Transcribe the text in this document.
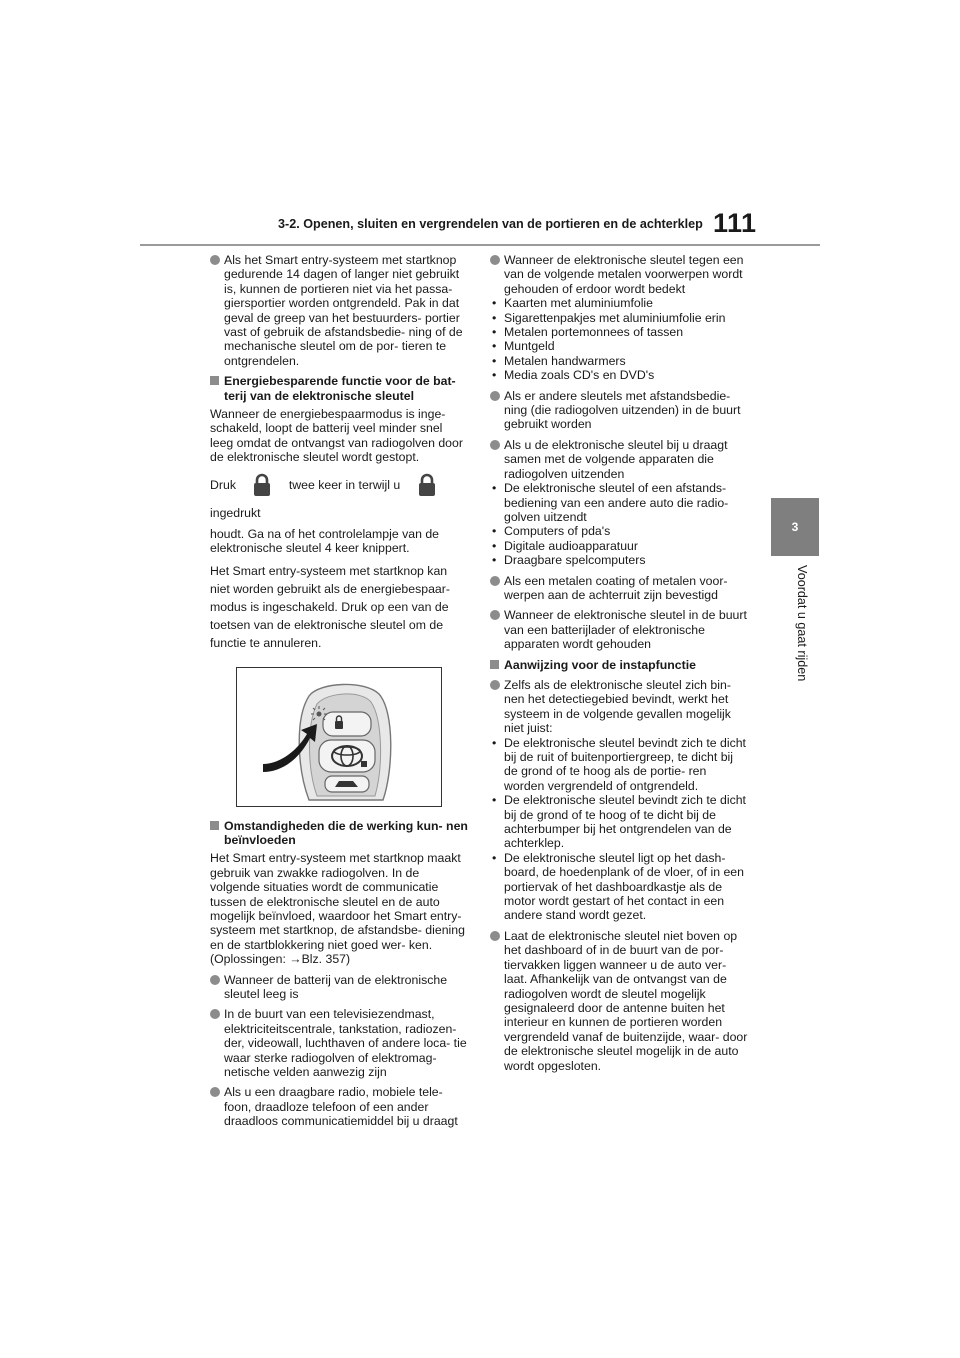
3-2. Openen, sluiten en vergrendelen van de portieren en de achterklep 111
3
Voordat u gaat rijden
Als het Smart entry-systeem met startknop gedurende 14 dagen of langer niet gebruikt is, kunnen de portieren niet via het passa- giersportier worden ontgrendeld. Pak in dat geval de greep van het bestuurders- portier vast of gebruik de afstandsbedie- ning of de mechanische sleutel om de por- tieren te ontgrendelen.
Energiebesparende functie voor de bat- terij van de elektronische sleutel
Wanneer de energiebespaarmodus is inge- schakeld, loopt de batterij veel minder snel leeg omdat de ontvangst van radiogolven door de elektronische sleutel wordt gestopt.
Druk	twee keer in terwijl u  ingedrukt
houdt. Ga na of het controlelampje van de elektronische sleutel 4 keer knippert.
Het Smart entry-systeem met startknop kan niet worden gebruikt als de energiebespaar- modus is ingeschakeld. Druk op een van de toetsen van de elektronische sleutel om de functie te annuleren.
Omstandigheden die de werking kun- nen beïnvloeden
Het Smart entry-systeem met startknop maakt gebruik van zwakke radiogolven. In de volgende situaties wordt de communicatie tussen de elektronische sleutel en de auto mogelijk beïnvloed, waardoor het Smart entry-systeem met startknop, de afstandsbe- diening en de startblokkering niet goed wer- ken. (Oplossingen: →Blz. 357)
Wanneer de batterij van de elektronische sleutel leeg is
In de buurt van een televisiezendmast, elektriciteitscentrale, tankstation, radiozen- der, videowall, luchthaven of andere loca- tie waar sterke radiogolven of elektromag- netische velden aanwezig zijn
Als u een draagbare radio, mobiele tele- foon, draadloze telefoon of een ander draadloos communicatiemiddel bij u draagt
Wanneer de elektronische sleutel tegen een van de volgende metalen voorwerpen wordt gehouden of erdoor wordt bedekt
• Kaarten met aluminiumfolie
• Sigarettenpakjes met aluminiumfolie erin
• Metalen portemonnees of tassen
• Muntgeld
• Metalen handwarmers
• Media zoals CD's en DVD's
Als er andere sleutels met afstandsbedie- ning (die radiogolven uitzenden) in de buurt gebruikt worden
Als u de elektronische sleutel bij u draagt samen met de volgende apparaten die radiogolven uitzenden
• De elektronische sleutel of een afstands- bediening van een andere auto die radio- golven uitzendt
• Computers of pda's
• Digitale audioapparatuur
• Draagbare spelcomputers
Als een metalen coating of metalen voor- werpen aan de achterruit zijn bevestigd
Wanneer de elektronische sleutel in de buurt van een batterijlader of elektronische apparaten wordt gehouden
Aanwijzing voor de instapfunctie
Zelfs als de elektronische sleutel zich bin- nen het detectiegebied bevindt, werkt het systeem in de volgende gevallen mogelijk niet juist:
• De elektronische sleutel bevindt zich te dicht bij de ruit of buitenportiergreep, te dicht bij de grond of te hoog als de portie- ren worden vergrendeld of ontgrendeld.
• De elektronische sleutel bevindt zich te dicht bij de grond of te hoog of te dicht bij de achterbumper bij het ontgrendelen van de achterklep.
• De elektronische sleutel ligt op het dash- board, de hoedenplank of de vloer, of in een portiervak of het dashboardkastje als de motor wordt gestart of het contact in een andere stand wordt gezet.
Laat de elektronische sleutel niet boven op het dashboard of in de buurt van de por- tiervakken liggen wanneer u de auto ver- laat. Afhankelijk van de ontvangst van de radiogolven wordt de sleutel mogelijk gesignaleerd door de antenne buiten het interieur en kunnen de portieren worden vergrendeld vanaf de buitenzijde, waar- door de elektronische sleutel mogelijk in de auto wordt opgesloten.
